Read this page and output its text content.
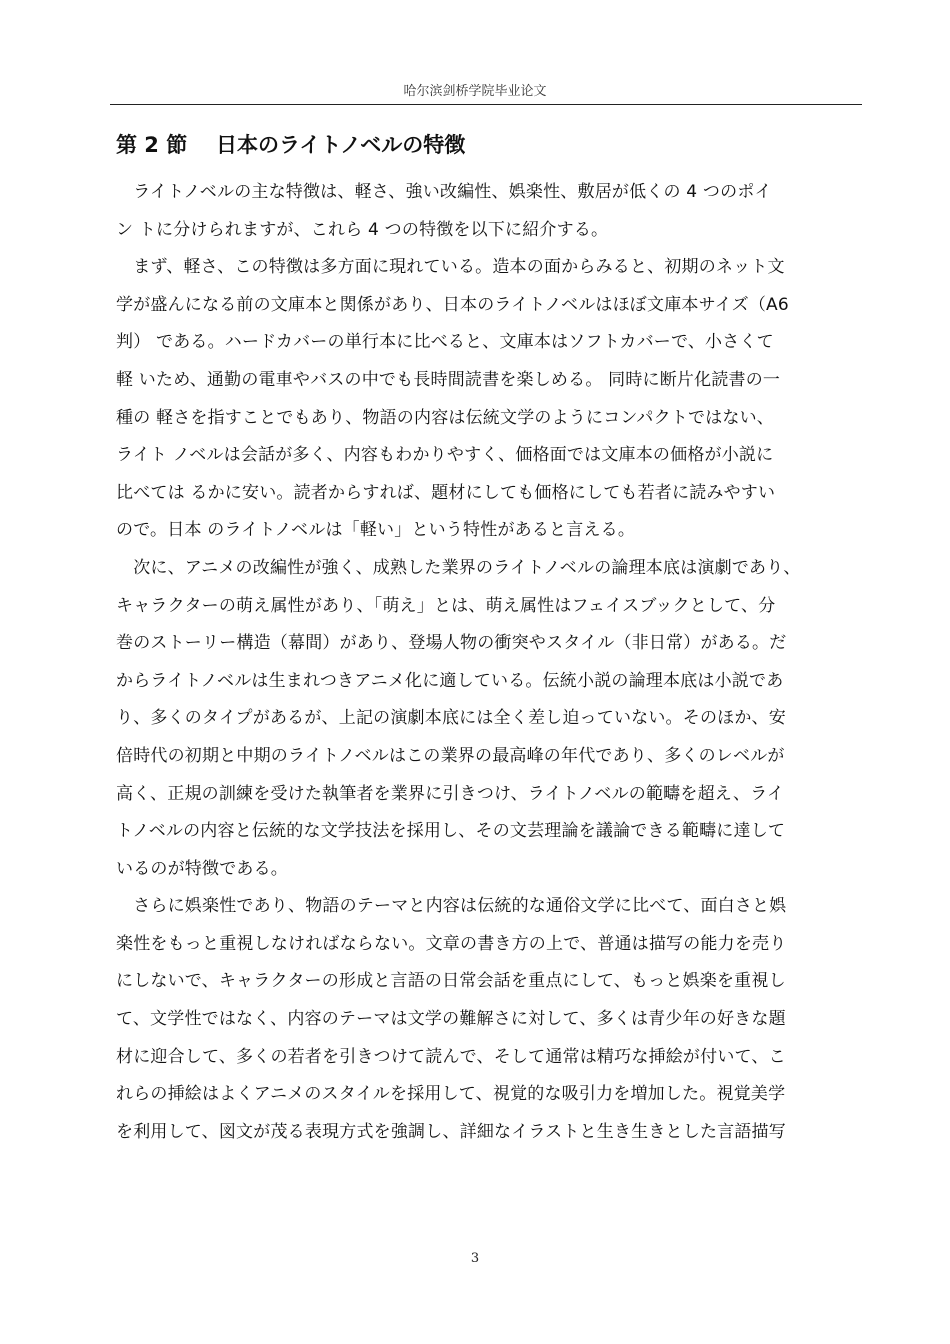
哈尔滨剑桥学院毕业论文
第 2 節 日本のライトノベルの特徴
　ライトノベルの主な特徴は、軽さ、強い改編性、娯楽性、敷居が低くの 4 つのポイ
ン トに分けられますが、これら 4 つの特徴を以下に紹介する。
　まず、軽さ、この特徴は多方面に現れている。造本の面からみると、初期のネット文
学が盛んになる前の文庫本と関係があり、日本のライトノベルはほぼ文庫本サイズ（A6
判） である。ハードカバーの単行本に比べると、文庫本はソフトカバーで、小さくて
軽 いため、通勤の電車やバスの中でも長時間読書を楽しめる。 同時に断片化読書の一
種の 軽さを指すことでもあり、物語の内容は伝統文学のようにコンパクトではない、
ライト ノベルは会話が多く、内容もわかりやすく、価格面では文庫本の価格が小説に
比べては るかに安い。読者からすれば、題材にしても価格にしても若者に読みやすい
ので。日本 のライトノベルは「軽い」という特性があると言える。
　次に、アニメの改編性が強く、成熟した業界のライトノベルの論理本底は演劇であり、
キャラクターの萌え属性があり、「萌え」とは、萌え属性はフェイスブックとして、分
巻のストーリー構造（幕間）があり、登場人物の衝突やスタイル（非日常）がある。だ
からライトノベルは生まれつきアニメ化に適している。伝統小説の論理本底は小説であ
り、多くのタイプがあるが、上記の演劇本底には全く差し迫っていない。そのほか、安
倍時代の初期と中期のライトノベルはこの業界の最高峰の年代であり、多くのレベルが
高く、正規の訓練を受けた執筆者を業界に引きつけ、ライトノベルの範疇を超え、ライ
トノベルの内容と伝統的な文学技法を採用し、その文芸理論を議論できる範疇に達して
いるのが特徴である。
　さらに娯楽性であり、物語のテーマと内容は伝統的な通俗文学に比べて、面白さと娯
楽性をもっと重視しなければならない。文章の書き方の上で、普通は描写の能力を売り
にしないで、キャラクターの形成と言語の日常会話を重点にして、もっと娯楽を重視し
て、文学性ではなく、内容のテーマは文学の難解さに対して、多くは青少年の好きな題
材に迎合して、多くの若者を引きつけて読んで、そして通常は精巧な挿絵が付いて、こ
れらの挿絵はよくアニメのスタイルを採用して、視覚的な吸引力を増加した。視覚美学
を利用して、図文が茂る表現方式を強調し、詳細なイラストと生き生きとした言語描写
3
